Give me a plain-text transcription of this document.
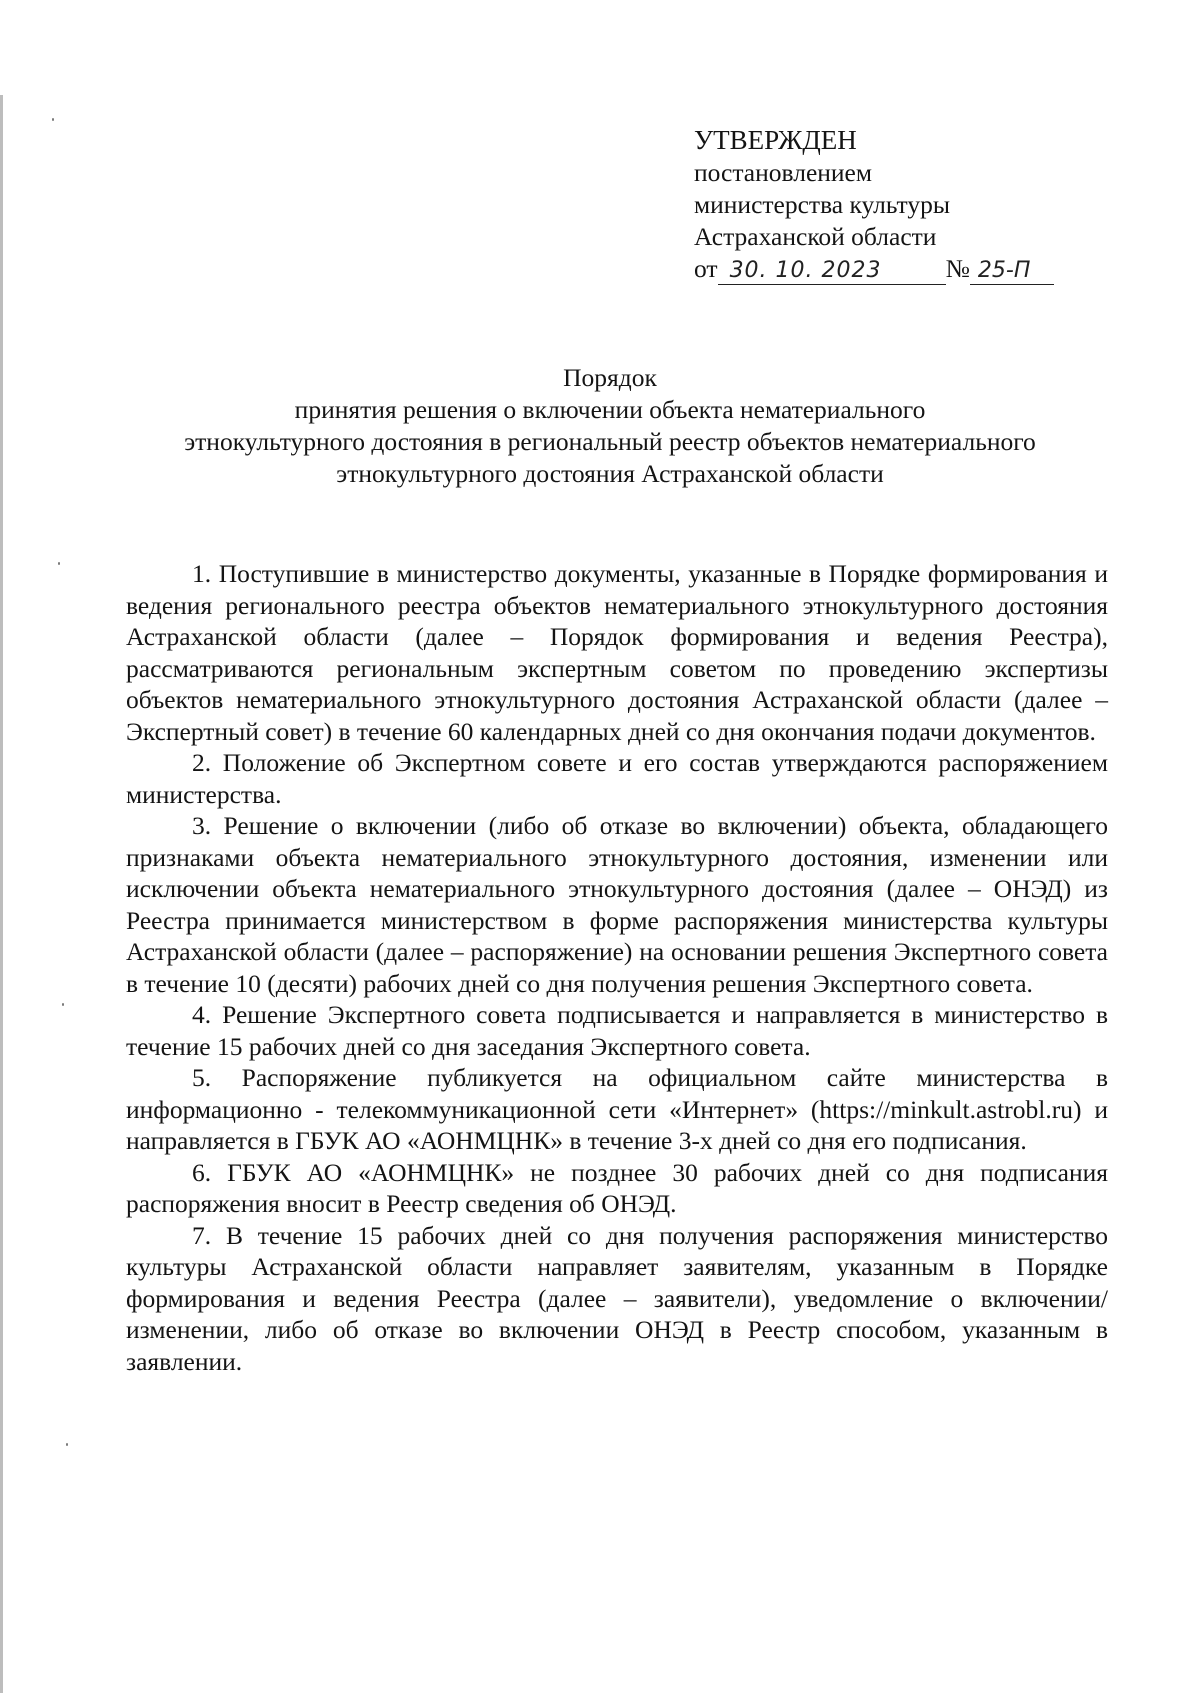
УТВЕРЖДЕН
постановлением
министерства культуры
Астраханской области
от 30. 10. 2023	№ 25-П
Порядок
принятия решения о включении объекта нематериального
этнокультурного достояния в региональный реестр объектов нематериального
этнокультурного достояния Астраханской области

1. Поступившие в министерство документы, указанные в Порядке формирования и ведения регионального реестра объектов нематериального этнокультурного достояния Астраханской области (далее – Порядок формирования и ведения Реестра), рассматриваются региональным экспертным советом по проведению экспертизы объектов нематериального этнокультурного достояния Астраханской области (далее – Экспертный совет) в течение 60 календарных дней со дня окончания подачи документов.

2. Положение об Экспертном совете и его состав утверждаются распоряжением министерства.

3. Решение о включении (либо об отказе во включении) объекта, обладающего признаками объекта нематериального этнокультурного достояния, изменении или исключении объекта нематериального этнокультурного достояния (далее – ОНЭД) из Реестра принимается министерством в форме распоряжения министерства культуры Астраханской области (далее – распоряжение) на основании решения Экспертного совета в течение 10 (десяти) рабочих дней со дня получения решения Экспертного совета.

4. Решение Экспертного совета подписывается и направляется в министерство в течение 15 рабочих дней со дня заседания Экспертного совета.

5. Распоряжение публикуется на официальном сайте министерства в информационно - телекоммуникационной сети «Интернет» (https://minkult.astrobl.ru) и направляется в ГБУК АО «АОНМЦНК» в течение 3-х дней со дня его подписания.

6. ГБУК АО «АОНМЦНК» не позднее 30 рабочих дней со дня подписания распоряжения вносит в Реестр сведения об ОНЭД.

7. В течение 15 рабочих дней со дня получения распоряжения министерство культуры Астраханской области направляет заявителям, указанным в Порядке формирования и ведения Реестра (далее – заявители), уведомление о включении/изменении, либо об отказе во включении ОНЭД в Реестр способом, указанным в заявлении.
